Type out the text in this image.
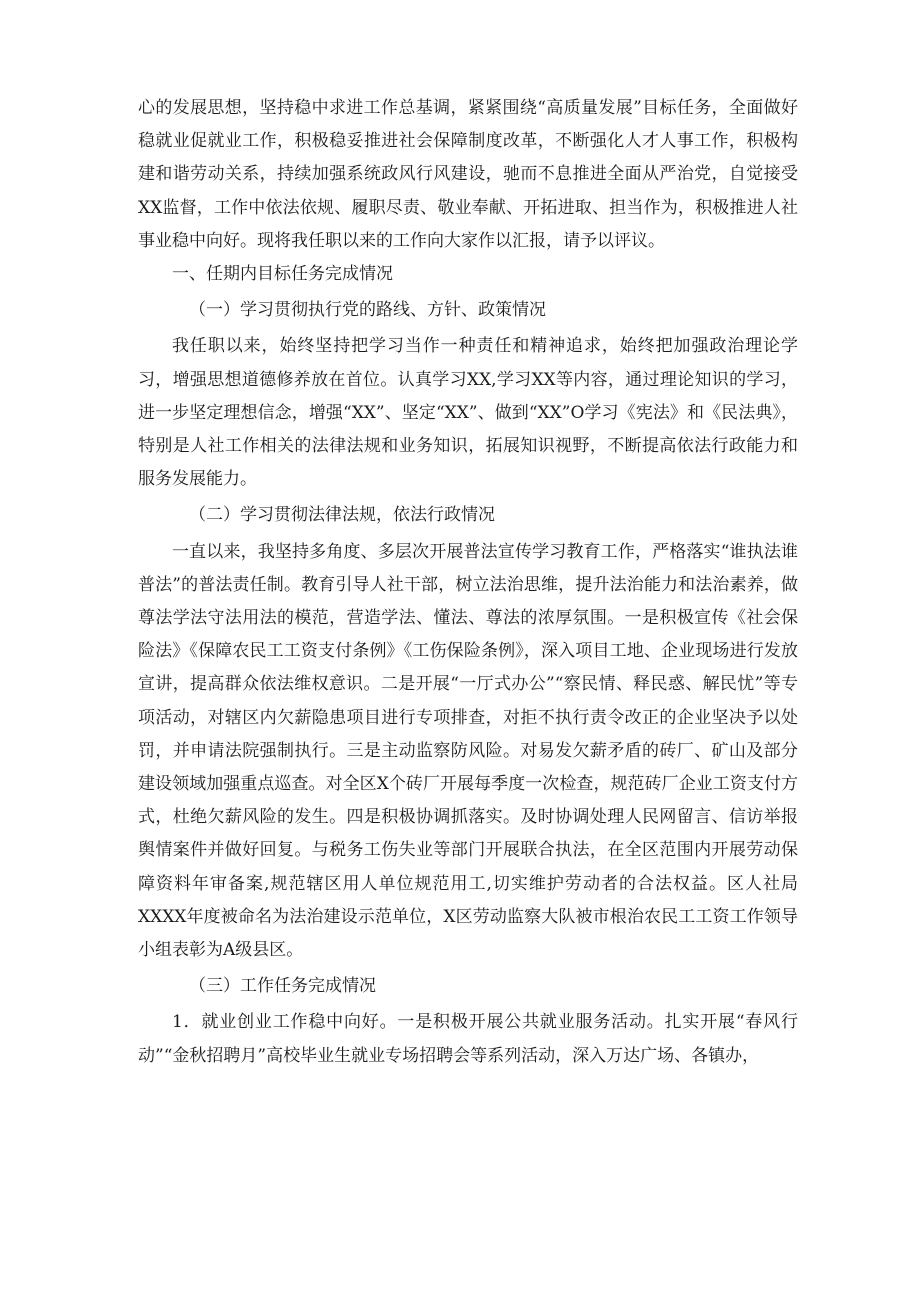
心的发展思想，坚持稳中求进工作总基调，紧紧围绕“高质量发展”目标任务，全面做好稳就业促就业工作，积极稳妥推进社会保障制度改革，不断强化人才人事工作，积极构建和谐劳动关系，持续加强系统政风行风建设，驰而不息推进全面从严治党，自觉接受XX监督，工作中依法依规、履职尽责、敬业奉献、开拓进取、担当作为，积极推进人社事业稳中向好。现将我任职以来的工作向大家作以汇报，请予以评议。

一、任期内目标任务完成情况

（一）学习贯彻执行党的路线、方针、政策情况

我任职以来，始终坚持把学习当作一种责任和精神追求，始终把加强政治理论学习，增强思想道德修养放在首位。认真学习XX,学习XX等内容，通过理论知识的学习，进一步坚定理想信念，增强“XX”、坚定“XX”、做到“XX”O学习《宪法》和《民法典》，特别是人社工作相关的法律法规和业务知识，拓展知识视野，不断提高依法行政能力和服务发展能力。

（二）学习贯彻法律法规，依法行政情况

一直以来，我坚持多角度、多层次开展普法宣传学习教育工作，严格落实“谁执法谁普法”的普法责任制。教育引导人社干部，树立法治思维，提升法治能力和法治素养，做尊法学法守法用法的模范，营造学法、懂法、尊法的浓厚氛围。一是积极宣传《社会保险法》《保障农民工工资支付条例》《工伤保险条例》，深入项目工地、企业现场进行发放宣讲，提高群众依法维权意识。二是开展“一厅式办公”“察民情、释民惑、解民忧”等专项活动，对辖区内欠薪隐患项目进行专项排查，对拒不执行责令改正的企业坚决予以处罚，并申请法院强制执行。三是主动监察防风险。对易发欠薪矛盾的砖厂、矿山及部分建设领域加强重点巡查。对全区X个砖厂开展每季度一次检查，规范砖厂企业工资支付方式，杜绝欠薪风险的发生。四是积极协调抓落实。及时协调处理人民网留言、信访举报舆情案件并做好回复。与税务工伤失业等部门开展联合执法，在全区范围内开展劳动保障资料年审备案,规范辖区用人单位规范用工,切实维护劳动者的合法权益。区人社局XXXX年度被命名为法治建设示范单位，X区劳动监察大队被市根治农民工工资工作领导小组表彰为A级县区。

（三）工作任务完成情况

1．就业创业工作稳中向好。一是积极开展公共就业服务活动。扎实开展“春风行动”“金秋招聘月”高校毕业生就业专场招聘会等系列活动，深入万达广场、各镇办，
